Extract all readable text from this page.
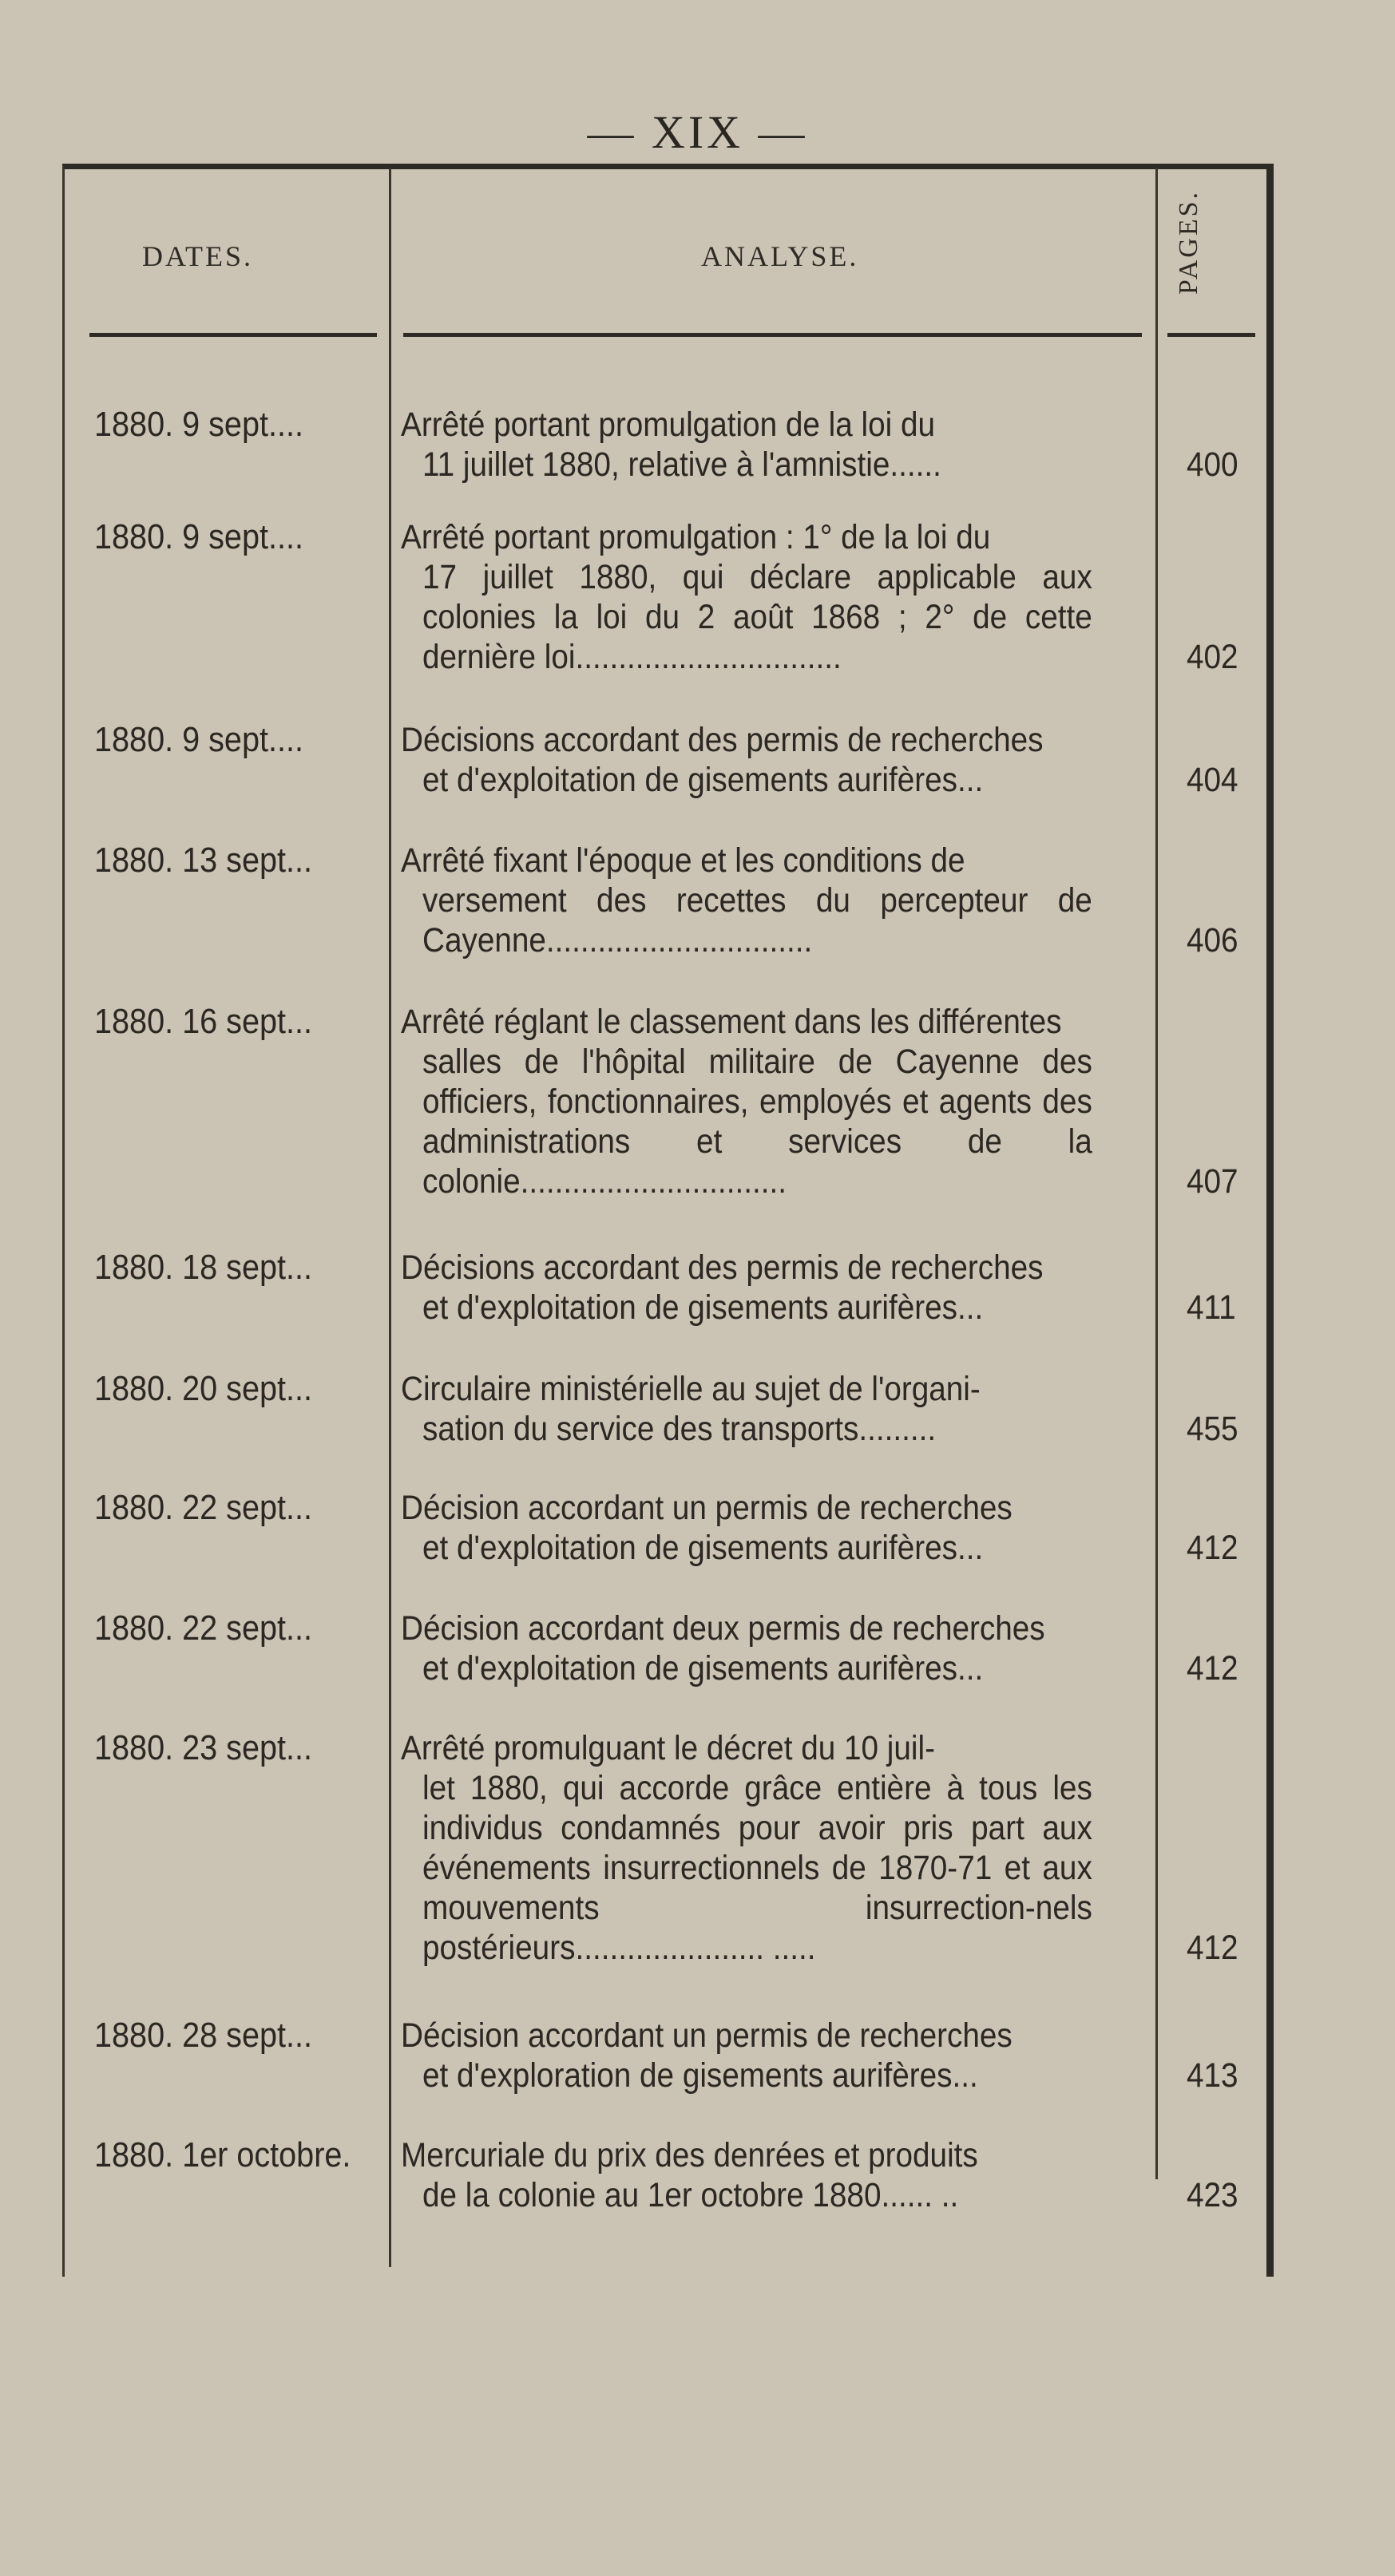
— XIX —
DATES.	ANALYSE.	PAGES.
1880. 9 sept....	Arrêté portant promulgation de la loi du
11 juillet 1880, relative à l'amnistie......	400
1880. 9 sept....	Arrêté portant promulgation : 1° de la loi du
17 juillet 1880, qui déclare applicable aux colonies la loi du 2 août 1868 ; 2° de cette dernière loi...............................	402
1880. 9 sept....	Décisions accordant des permis de recherches
et d'exploitation de gisements aurifères...	404
1880. 13 sept...	Arrêté fixant l'époque et les conditions de
versement des recettes du percepteur de Cayenne...............................	406
1880. 16 sept...	Arrêté réglant le classement dans les différentes
salles de l'hôpital militaire de Cayenne des officiers, fonctionnaires, employés et agents des administrations et services de la colonie...............................	407
1880. 18 sept...	Décisions accordant des permis de recherches
et d'exploitation de gisements aurifères...	411
1880. 20 sept...	Circulaire ministérielle au sujet de l'organi-
sation du service des transports.........	455
1880. 22 sept...	Décision accordant un permis de recherches
et d'exploitation de gisements aurifères...	412
1880. 22 sept...	Décision accordant deux permis de recherches
et d'exploitation de gisements aurifères...	412
1880. 23 sept...	Arrêté promulguant le décret du 10 juil-
let 1880, qui accorde grâce entière à tous les individus condamnés pour avoir pris part aux événements insurrectionnels de 1870-71 et aux mouvements insurrection-nels postérieurs...................... .....	412
1880. 28 sept...	Décision accordant un permis de recherches
et d'exploration de gisements aurifères...	413
1880. 1er octobre.	Mercuriale du prix des denrées et produits
de la colonie au 1er octobre 1880...... ..	423
